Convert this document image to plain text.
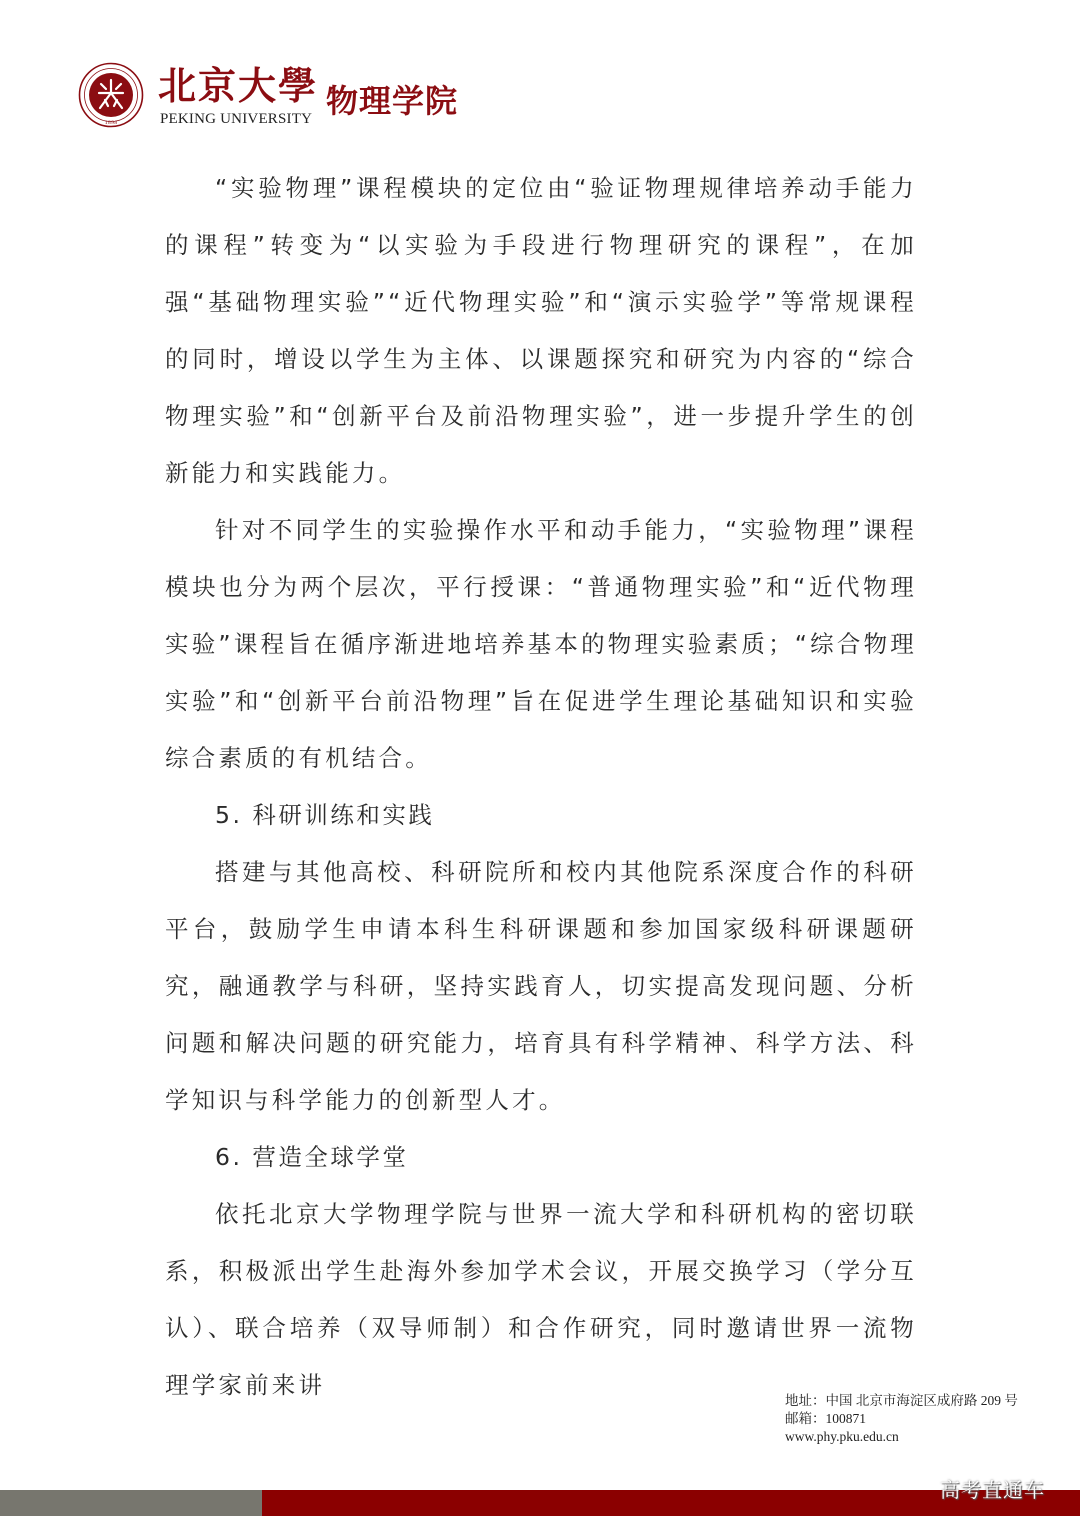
1898
北京大學
PEKING UNIVERSITY 物理学院

“实验物理”课程模块的定位由“验证物理规律培养动手能力的课程”转变为“以实验为手段进行物理研究的课程”，在加强“基础物理实验”“近代物理实验”和“演示实验学”等常规课程的同时，增设以学生为主体、以课题探究和研究为内容的“综合物理实验”和“创新平台及前沿物理实验”，进一步提升学生的创新能力和实践能力。

针对不同学生的实验操作水平和动手能力，“实验物理”课程模块也分为两个层次，平行授课：“普通物理实验”和“近代物理实验”课程旨在循序渐进地培养基本的物理实验素质；“综合物理实验”和“创新平台前沿物理”旨在促进学生理论基础知识和实验综合素质的有机结合。

5. 科研训练和实践

搭建与其他高校、科研院所和校内其他院系深度合作的科研平台，鼓励学生申请本科生科研课题和参加国家级科研课题研究，融通教学与科研，坚持实践育人，切实提高发现问题、分析问题和解决问题的研究能力，培育具有科学精神、科学方法、科学知识与科学能力的创新型人才。

6. 营造全球学堂

依托北京大学物理学院与世界一流大学和科研机构的密切联系，积极派出学生赴海外参加学术会议，开展交换学习（学分互认）、联合培养（双导师制）和合作研究，同时邀请世界一流物理学家前来讲

地址：中国 北京市海淀区成府路 209 号
邮箱：100871
www.phy.pku.edu.cn
高考直通车
